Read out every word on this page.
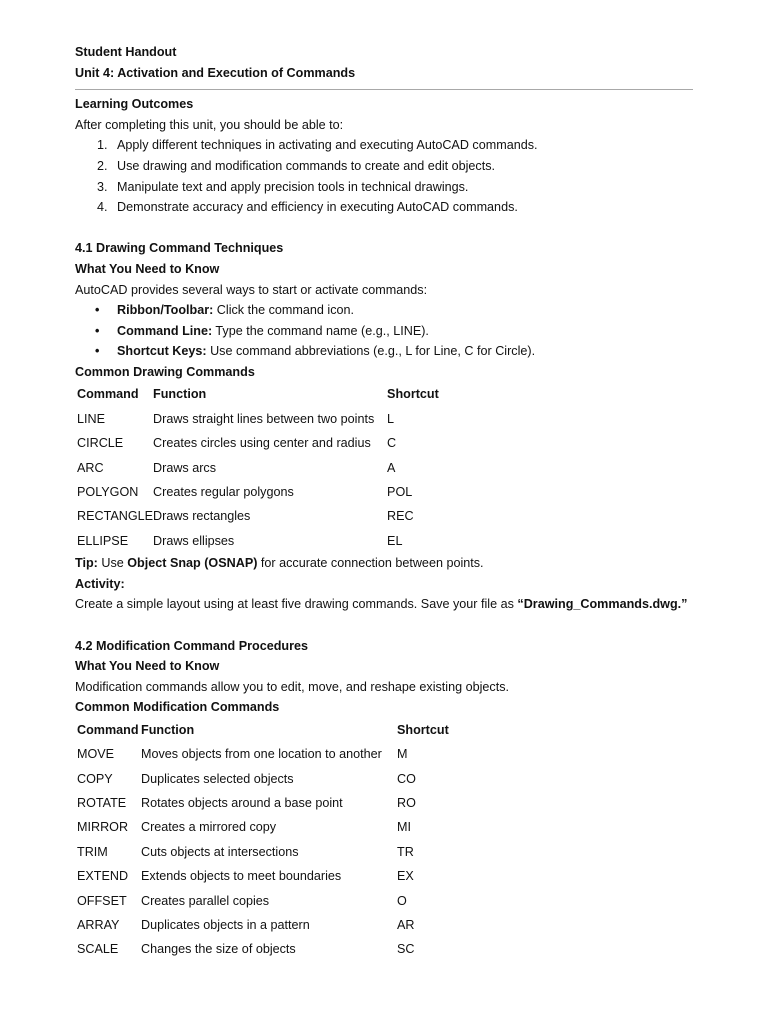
Student Handout
Unit 4: Activation and Execution of Commands
Learning Outcomes
After completing this unit, you should be able to:
1. Apply different techniques in activating and executing AutoCAD commands.
2. Use drawing and modification commands to create and edit objects.
3. Manipulate text and apply precision tools in technical drawings.
4. Demonstrate accuracy and efficiency in executing AutoCAD commands.
4.1 Drawing Command Techniques
What You Need to Know
AutoCAD provides several ways to start or activate commands:
• Ribbon/Toolbar: Click the command icon.
• Command Line: Type the command name (e.g., LINE).
• Shortcut Keys: Use command abbreviations (e.g., L for Line, C for Circle).
Common Drawing Commands
Command	Function	Shortcut
LINE	Draws straight lines between two points	L
CIRCLE	Creates circles using center and radius	C
ARC	Draws arcs	A
POLYGON	Creates regular polygons	POL
RECTANGLE	Draws rectangles	REC
ELLIPSE	Draws ellipses	EL
Tip: Use Object Snap (OSNAP) for accurate connection between points.
Activity:
Create a simple layout using at least five drawing commands. Save your file as “Drawing_Commands.dwg.”
4.2 Modification Command Procedures
What You Need to Know
Modification commands allow you to edit, move, and reshape existing objects.
Common Modification Commands
Command	Function	Shortcut
MOVE	Moves objects from one location to another	M
COPY	Duplicates selected objects	CO
ROTATE	Rotates objects around a base point	RO
MIRROR	Creates a mirrored copy	MI
TRIM	Cuts objects at intersections	TR
EXTEND	Extends objects to meet boundaries	EX
OFFSET	Creates parallel copies	O
ARRAY	Duplicates objects in a pattern	AR
SCALE	Changes the size of objects	SC
